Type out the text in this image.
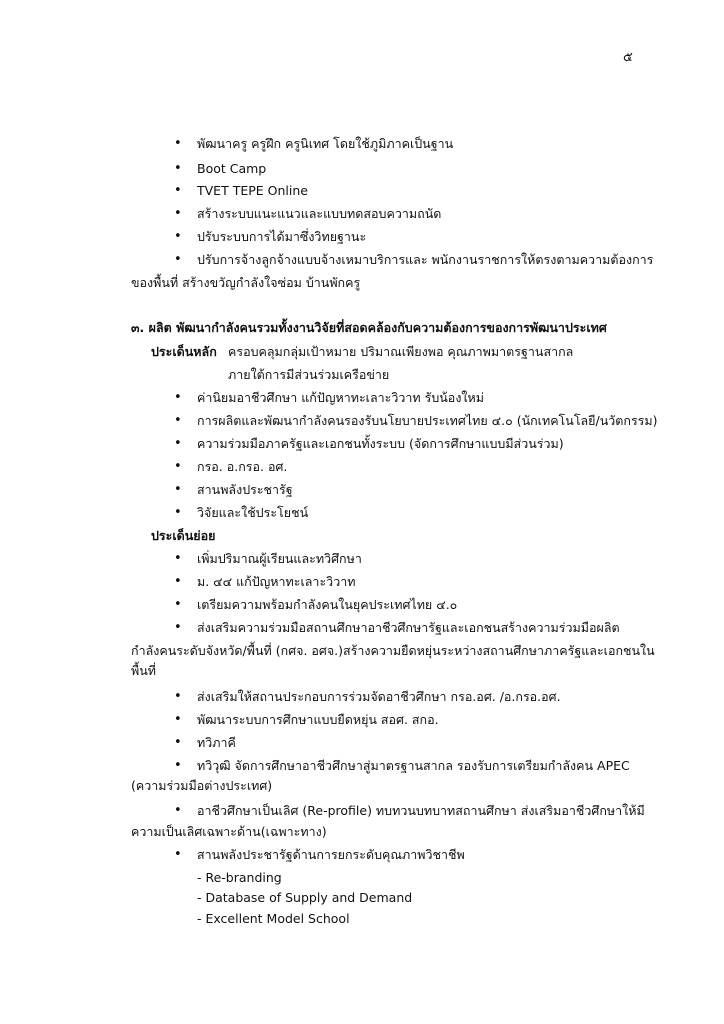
๕
• พัฒนาครู ครูฝึก ครูนิเทศ โดยใช้ภูมิภาคเป็นฐาน
• Boot Camp
• TVET TEPE Online
• สร้างระบบแนะแนวและแบบทดสอบความถนัด
• ปรับระบบการได้มาซึ่งวิทยฐานะ
• ปรับการจ้างลูกจ้างแบบจ้างเหมาบริการและ พนักงานราชการให้ตรงตามความต้องการ
ของพื้นที่ สร้างขวัญกำลังใจซ่อม บ้านพักครู
๓. ผลิต พัฒนากำลังคนรวมทั้งงานวิจัยที่สอดคล้องกับความต้องการของการพัฒนาประเทศ
ประเด็นหลัก ครอบคลุมกลุ่มเป้าหมาย ปริมาณเพียงพอ คุณภาพมาตรฐานสากล
ภายใต้การมีส่วนร่วมเครือข่าย
• ค่านิยมอาชีวศึกษา แก้ปัญหาทะเลาะวิวาท รับน้องใหม่
• การผลิตและพัฒนากำลังคนรองรับนโยบายประเทศไทย ๔.๐ (นักเทคโนโลยี/นวัตกรรม)
• ความร่วมมือภาครัฐและเอกชนทั้งระบบ (จัดการศึกษาแบบมีส่วนร่วม)
• กรอ. อ.กรอ. อศ.
• สานพลังประชารัฐ
• วิจัยและใช้ประโยชน์
ประเด็นย่อย
• เพิ่มปริมาณผู้เรียนและทวิศึกษา
• ม. ๔๔ แก้ปัญหาทะเลาะวิวาท
• เตรียมความพร้อมกำลังคนในยุคประเทศไทย ๔.๐
• ส่งเสริมความร่วมมือสถานศึกษาอาชีวศึกษารัฐและเอกชนสร้างความร่วมมือผลิต
กำลังคนระดับจังหวัด/พื้นที่ (กศจ. อศจ.)สร้างความยืดหยุ่นระหว่างสถานศึกษาภาครัฐและเอกชนใน
พื้นที่
• ส่งเสริมให้สถานประกอบการร่วมจัดอาชีวศึกษา กรอ.อศ. /อ.กรอ.อศ.
• พัฒนาระบบการศึกษาแบบยืดหยุ่น สอศ. สกอ.
• ทวิภาคี
• ทวิวุฒิ จัดการศึกษาอาชีวศึกษาสู่มาตรฐานสากล รองรับการเตรียมกำลังคน APEC
(ความร่วมมือต่างประเทศ)
• อาชีวศึกษาเป็นเลิศ (Re-profile) ทบทวนบทบาทสถานศึกษา ส่งเสริมอาชีวศึกษาให้มี
ความเป็นเลิศเฉพาะด้าน(เฉพาะทาง)
• สานพลังประชารัฐด้านการยกระดับคุณภาพวิชาชีพ
- Re-branding
- Database of Supply and Demand
- Excellent Model School
